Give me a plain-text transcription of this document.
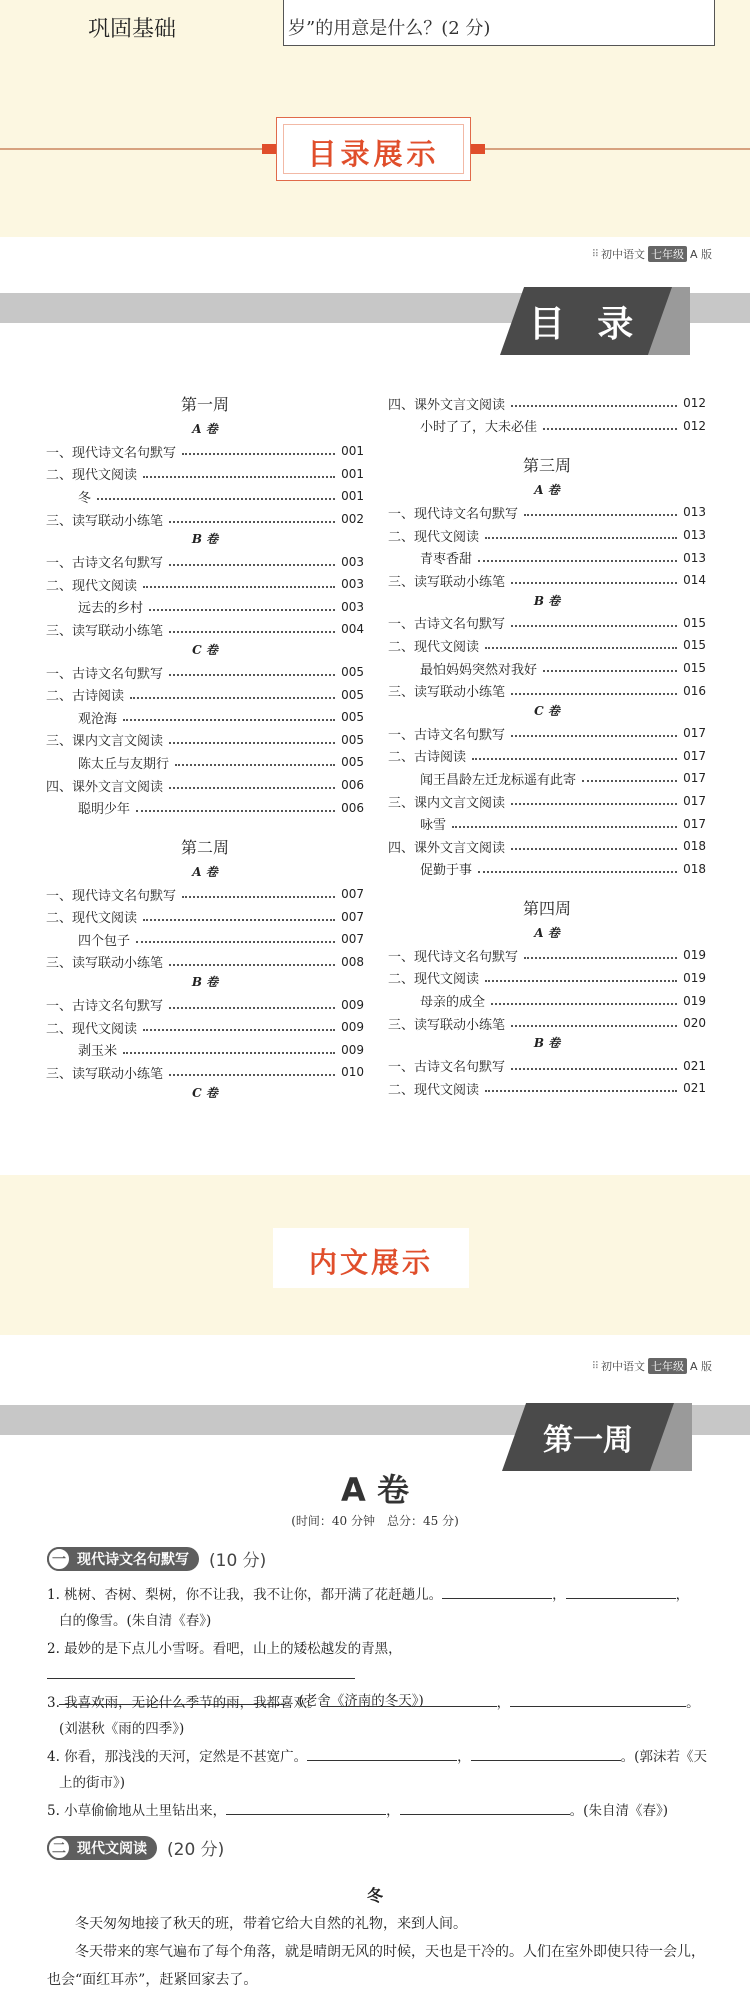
巩固基础	岁”的用意是什么？(2 分)
目录展示
⠿ 初中语文 七年级 A 版
目 录
第一周
A 卷
一、现代诗文名句默写	001
二、现代文阅读	001
冬	001
三、读写联动小练笔	002
B 卷
一、古诗文名句默写	003
二、现代文阅读	003
远去的乡村	003
三、读写联动小练笔	004
C 卷
一、古诗文名句默写	005
二、古诗阅读	005
观沧海	005
三、课内文言文阅读	005
陈太丘与友期行	005
四、课外文言文阅读	006
聪明少年	006
第二周
A 卷
一、现代诗文名句默写	007
二、现代文阅读	007
四个包子	007
三、读写联动小练笔	008
B 卷
一、古诗文名句默写	009
二、现代文阅读	009
剥玉米	009
三、读写联动小练笔	010
C 卷
四、课外文言文阅读	012
小时了了，大未必佳	012
第三周
A 卷
一、现代诗文名句默写	013
二、现代文阅读	013
青枣香甜	013
三、读写联动小练笔	014
B 卷
一、古诗文名句默写	015
二、现代文阅读	015
最怕妈妈突然对我好	015
三、读写联动小练笔	016
C 卷
一、古诗文名句默写	017
二、古诗阅读	017
闻王昌龄左迁龙标遥有此寄	017
三、课内文言文阅读	017
咏雪	017
四、课外文言文阅读	018
促勤于事	018
第四周
A 卷
一、现代诗文名句默写	019
二、现代文阅读	019
母亲的成全	019
三、读写联动小练笔	020
B 卷
一、古诗文名句默写	021
二、现代文阅读	021
内文展示
⠿ 初中语文 七年级 A 版
第一周
A 卷
(时间：40 分钟　总分：45 分)
一 现代诗文名句默写 (10 分)
1. 桃树、杏树、梨树，你不让我，我不让你，都开满了花赶趟儿。	，	，
白的像雪。(朱自清《春》)
2. 最妙的是下点儿小雪呀。看吧，山上的矮松越发的青黑，
。(老舍《济南的冬天》)
3. 我喜欢雨，无论什么季节的雨，我都喜欢。	，	。
(刘湛秋《雨的四季》)
4. 你看，那浅浅的天河，定然是不甚宽广。	，	。(郭沫若《天
上的街市》)
5. 小草偷偷地从土里钻出来，	，	。(朱自清《春》)
二 现代文阅读 (20 分)
冬
冬天匆匆地接了秋天的班，带着它给大自然的礼物，来到人间。
冬天带来的寒气遍布了每个角落，就是晴朗无风的时候，天也是干冷的。人们在室外即使只待一会儿，也会“面红耳赤”，赶紧回家去了。
